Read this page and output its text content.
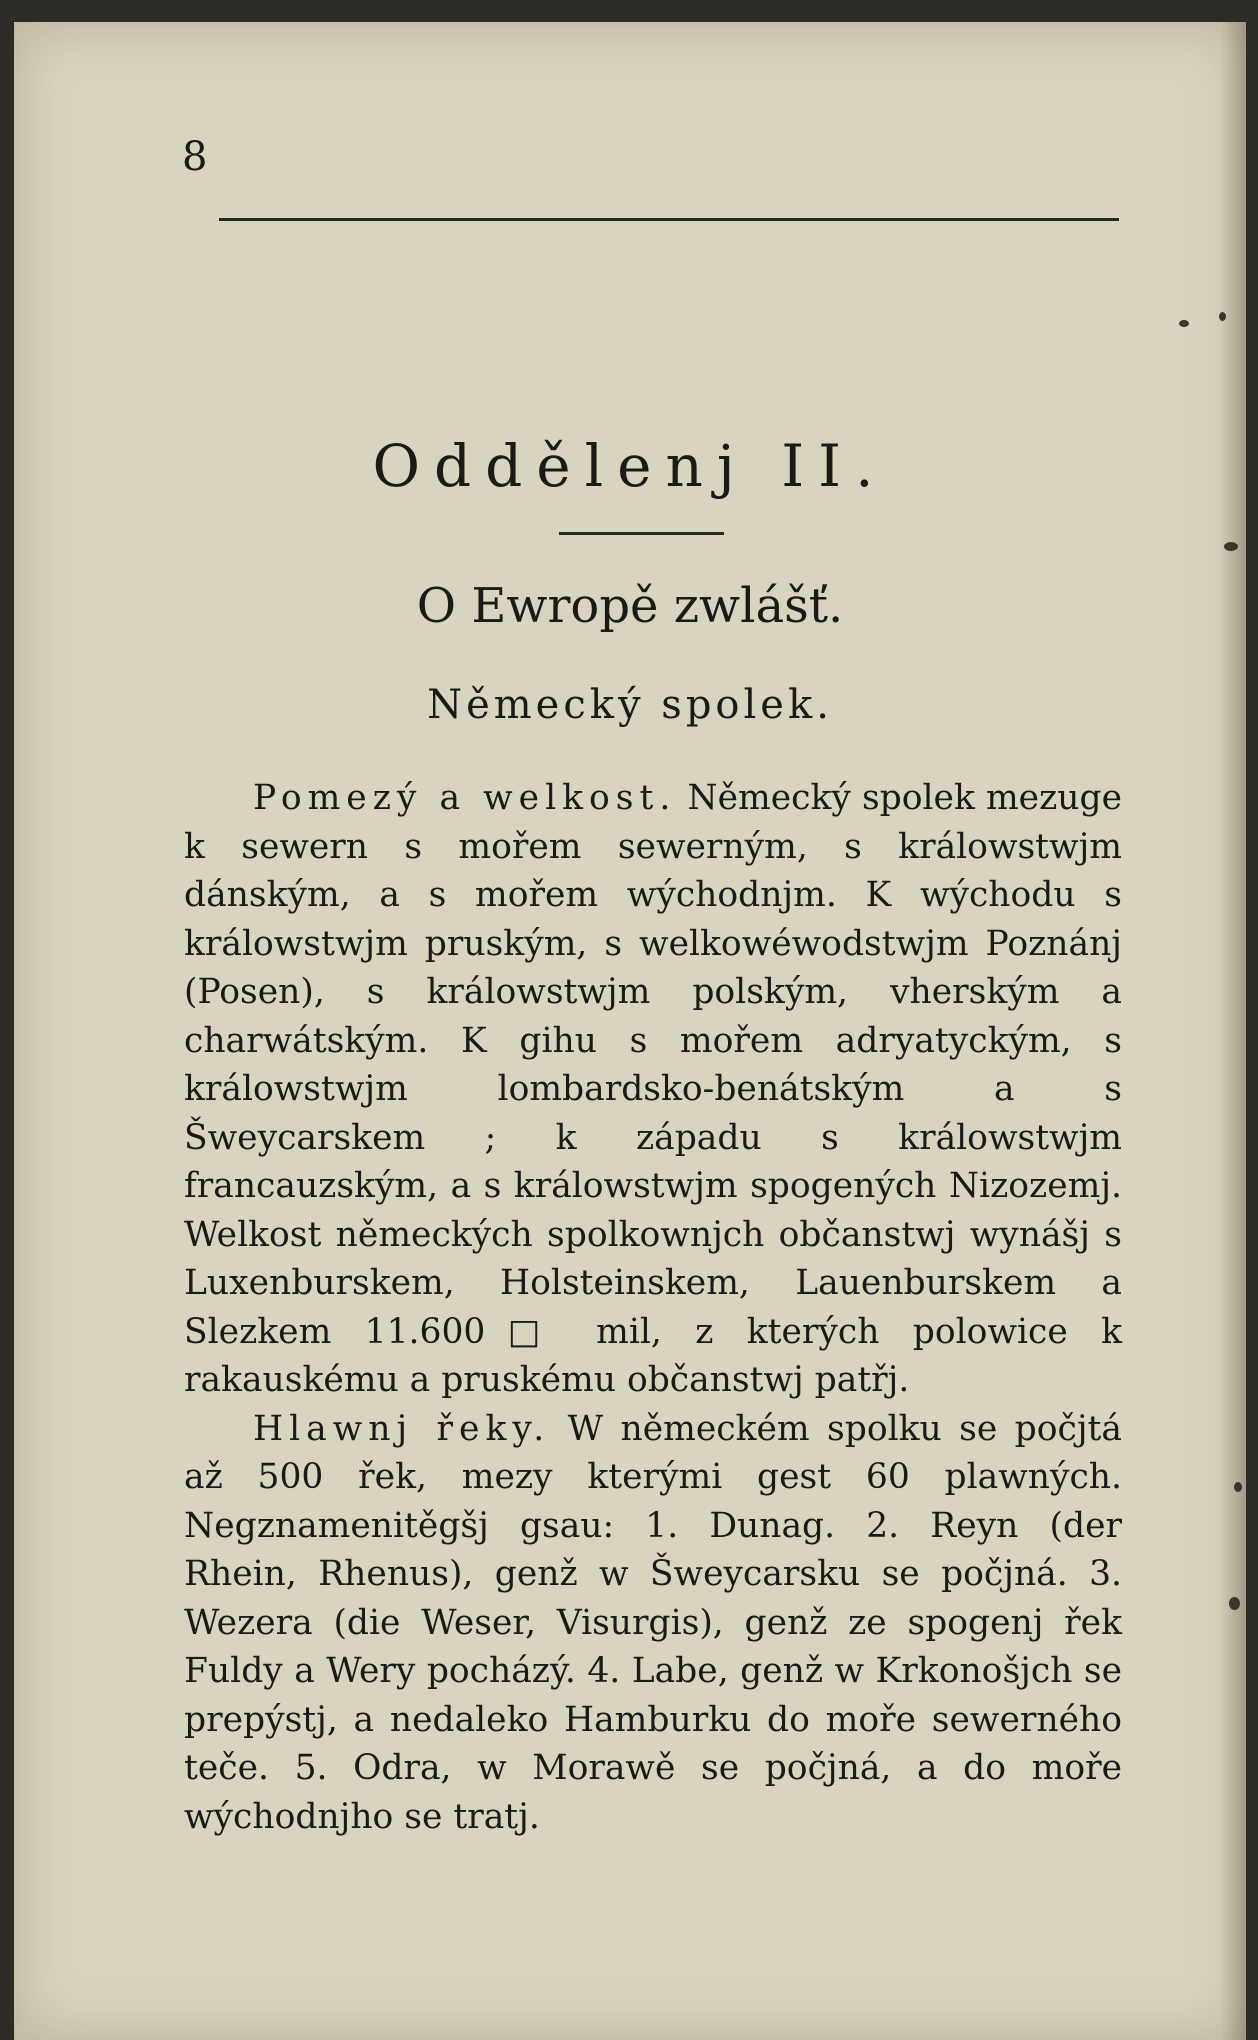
8
Oddělenj II.
O Ewropě zwlášť.
Německý spolek.

Pomezý a welkost. Německý spolek mezuge k sewern s mořem sewerným, s králowstwjm dánským, a s mořem wýchodnjm. K wýchodu s králowstwjm pruským, s welkowéwodstwjm Poznánj (Posen), s králowstwjm polským, vherským a charwátským. K gihu s mořem adryatyckým, s králowstwjm lombardsko-benátským a s Šweycarskem ; k západu s králowstwjm francauzským, a s králowstwjm spogených Nizozemj. Welkost německých spolkownjch občanstwj wynášj s Luxenburskem, Holsteinskem, Lauenburskem a Slezkem 11.600□ mil, z kterých polowice k rakauskému a pruskému občanstwj patřj.

Hlawnj řeky. W německém spolku se počjtá až 500 řek, mezy kterými gest 60 plawných. Negznamenitěgšj gsau: 1. Dunag. 2. Reyn (der Rhein, Rhenus), genž w Šweycarsku se počjná. 3. Wezera (die Weser, Visurgis), genž ze spogenj řek Fuldy a Wery pocházý. 4. Labe, genž w Krkonošjch se prepýstj, a nedaleko Hamburku do moře sewerného teče. 5. Odra, w Morawě se počjná, a do moře wýchodnjho se tratj.
